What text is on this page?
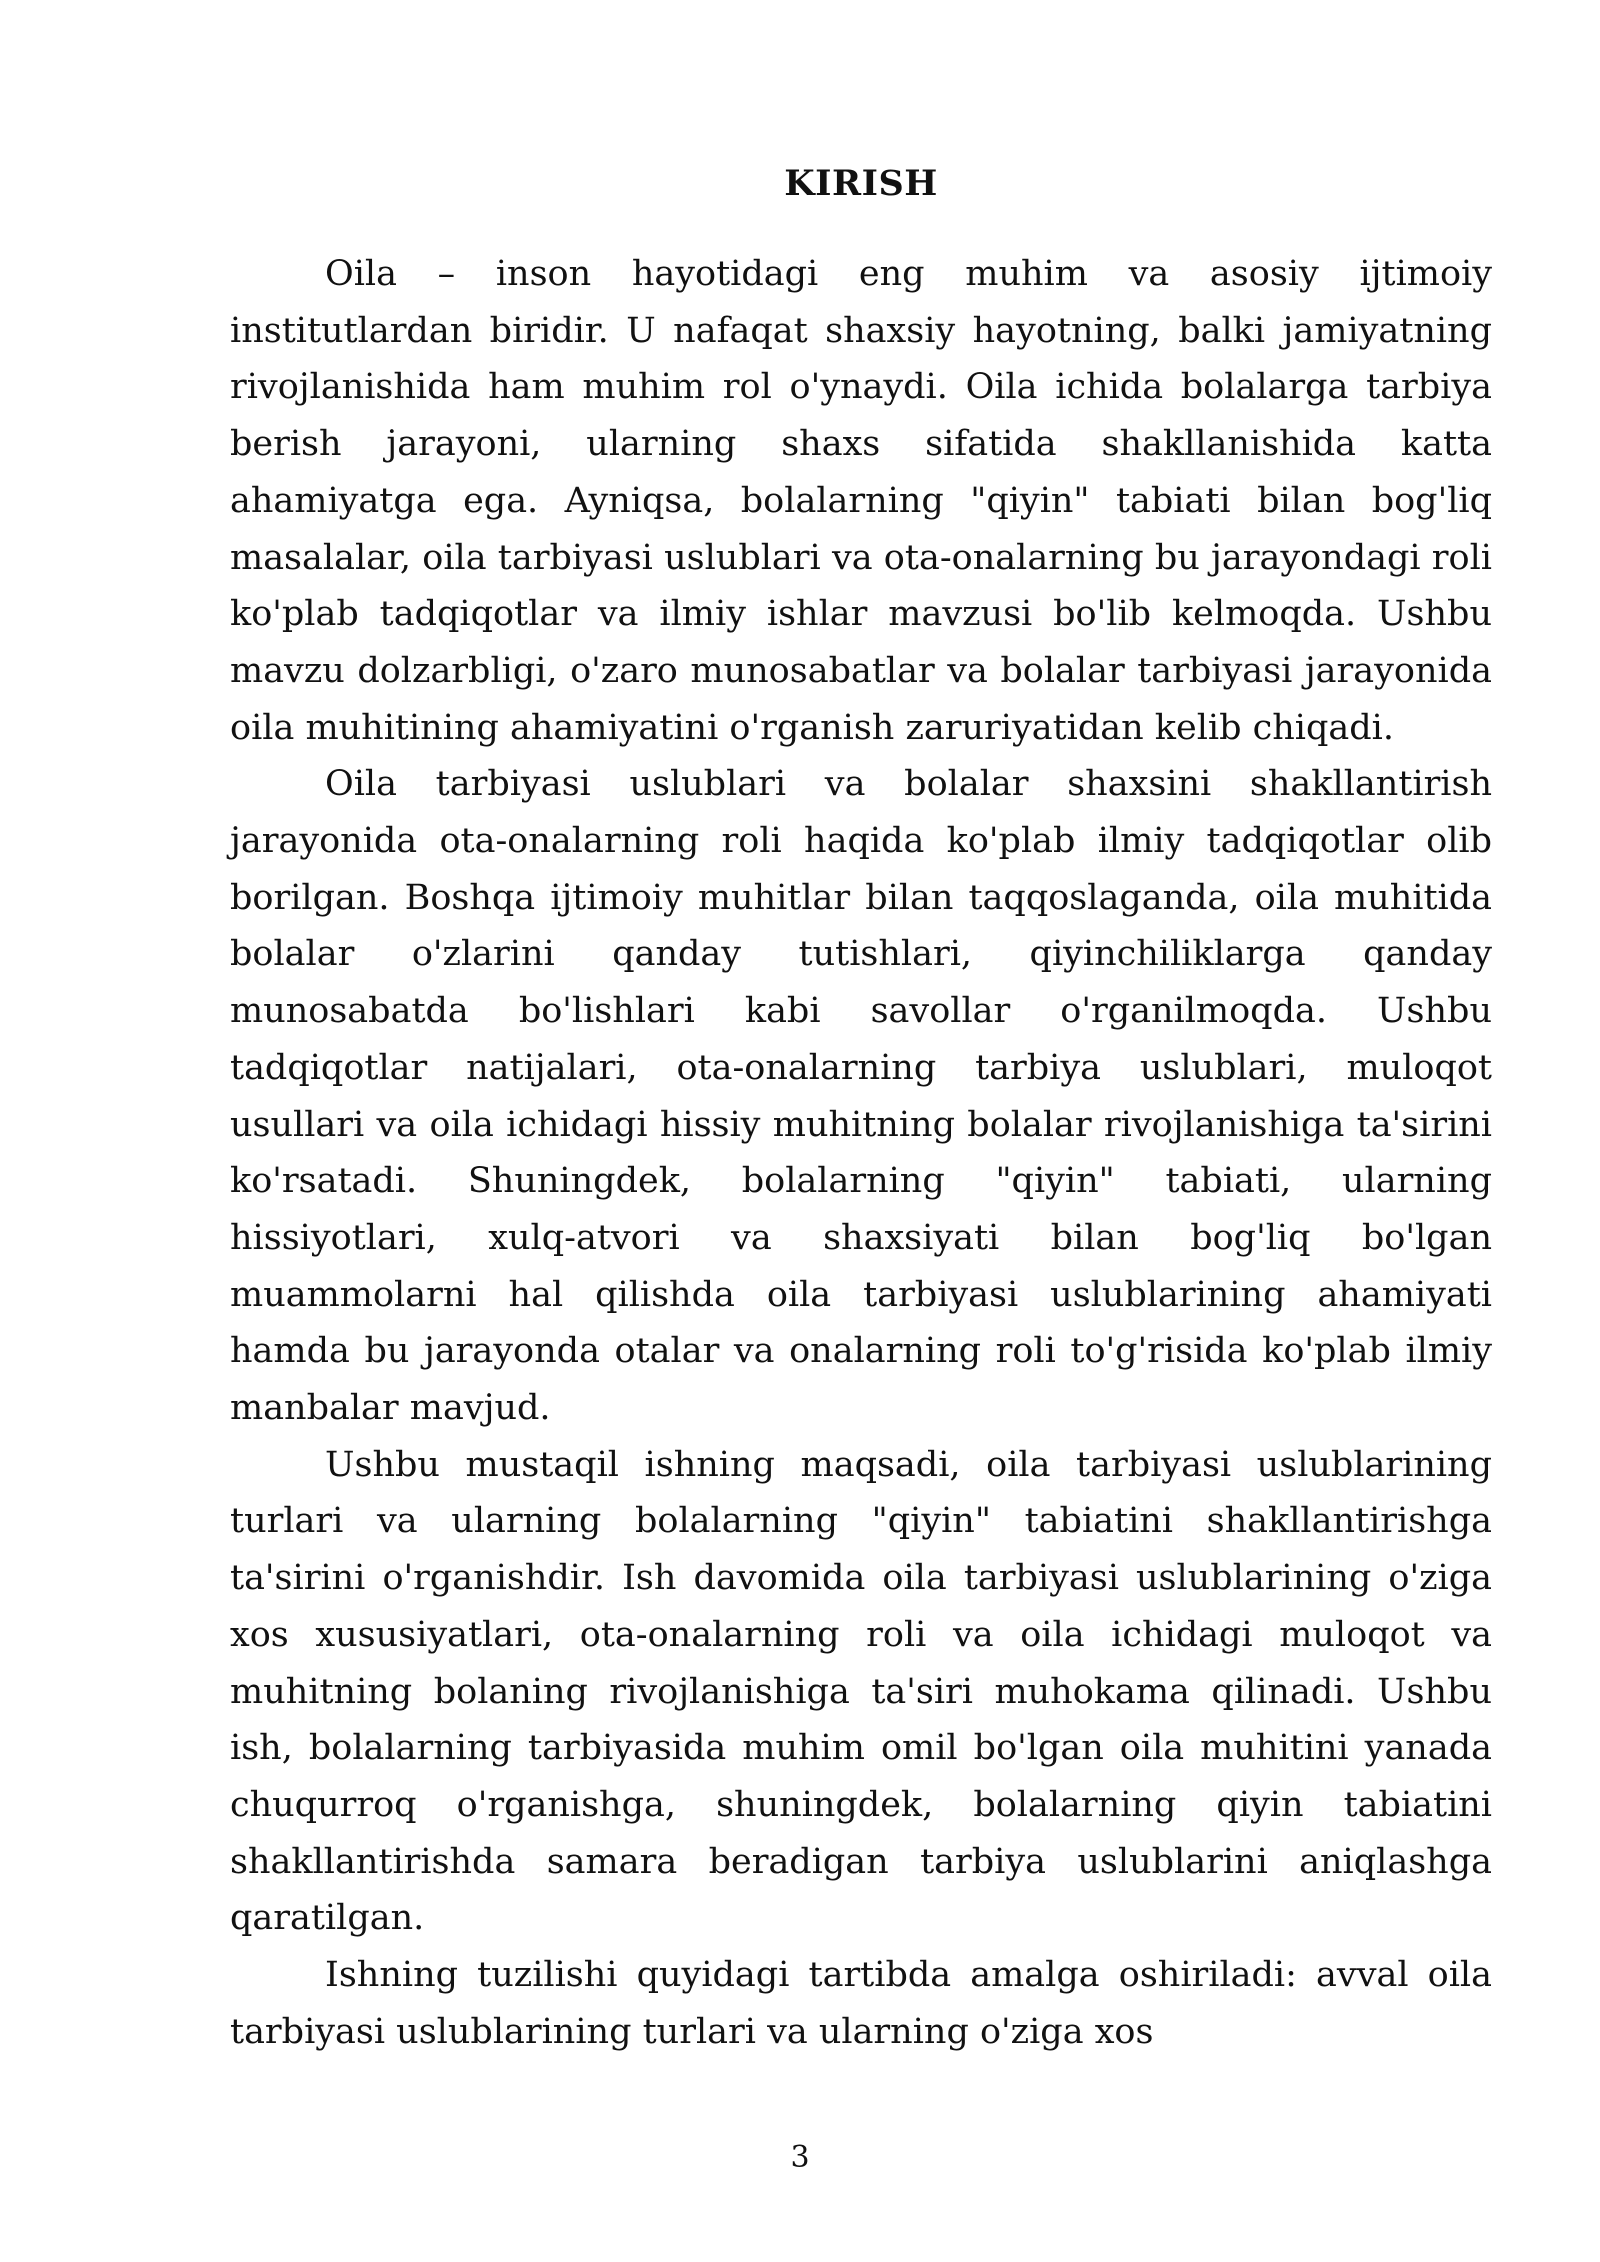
KIRISH

Oila – inson hayotidagi eng muhim va asosiy ijtimoiy institutlardan biridir. U nafaqat shaxsiy hayotning, balki jamiyatning rivojlanishida ham muhim rol o'ynaydi. Oila ichida bolalarga tarbiya berish jarayoni, ularning shaxs sifatida shakllanishida katta ahamiyatga ega. Ayniqsa, bolalarning "qiyin" tabiati bilan bog'liq masalalar, oila tarbiyasi uslublari va ota-onalarning bu jarayondagi roli ko'plab tadqiqotlar va ilmiy ishlar mavzusi bo'lib kelmoqda. Ushbu mavzu dolzarbligi, o'zaro munosabatlar va bolalar tarbiyasi jarayonida oila muhitining ahamiyatini o'rganish zaruriyatidan kelib chiqadi.

Oila tarbiyasi uslublari va bolalar shaxsini shakllantirish jarayonida ota-onalarning roli haqida ko'plab ilmiy tadqiqotlar olib borilgan. Boshqa ijtimoiy muhitlar bilan taqqoslaganda, oila muhitida bolalar o'zlarini qanday tutishlari, qiyinchiliklarga qanday munosabatda bo'lishlari kabi savollar o'rganilmoqda. Ushbu tadqiqotlar natijalari, ota-onalarning tarbiya uslublari, muloqot usullari va oila ichidagi hissiy muhitning bolalar rivojlanishiga ta'sirini ko'rsatadi. Shuningdek, bolalarning "qiyin" tabiati, ularning hissiyotlari, xulq-atvori va shaxsiyati bilan bog'liq bo'lgan muammolarni hal qilishda oila tarbiyasi uslublarining ahamiyati hamda bu jarayonda otalar va onalarning roli to'g'risida ko'plab ilmiy manbalar mavjud.

Ushbu mustaqil ishning maqsadi, oila tarbiyasi uslublarining turlari va ularning bolalarning "qiyin" tabiatini shakllantirishga ta'sirini o'rganishdir. Ish davomida oila tarbiyasi uslublarining o'ziga xos xususiyatlari, ota-onalarning roli va oila ichidagi muloqot va muhitning bolaning rivojlanishiga ta'siri muhokama qilinadi. Ushbu ish, bolalarning tarbiyasida muhim omil bo'lgan oila muhitini yanada chuqurroq o'rganishga, shuningdek, bolalarning qiyin tabiatini shakllantirishda samara beradigan tarbiya uslublarini aniqlashga qaratilgan.

Ishning tuzilishi quyidagi tartibda amalga oshiriladi: avval oila tarbiyasi uslublarining turlari va ularning o'ziga xos

3
